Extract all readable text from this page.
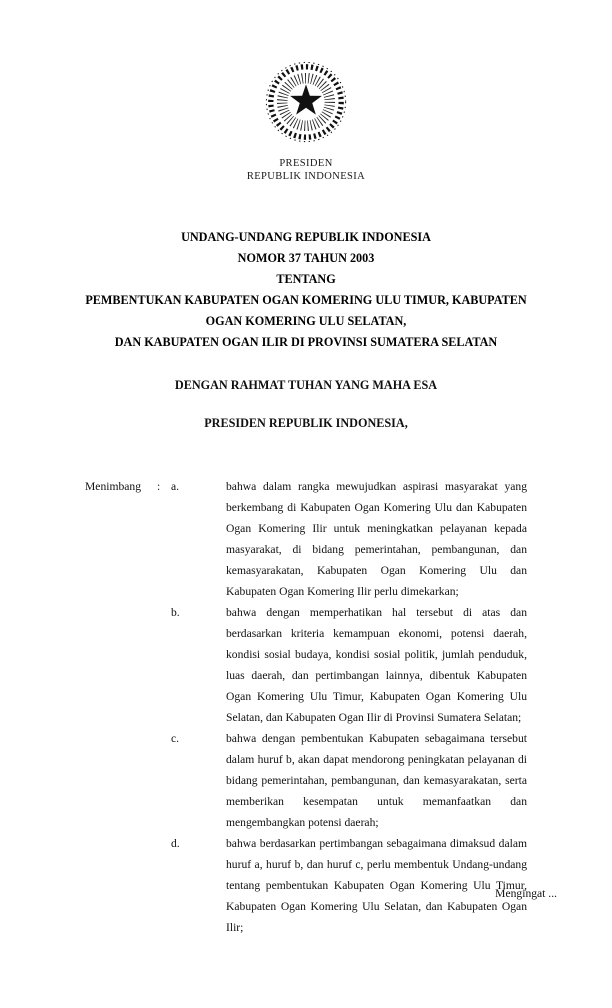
PRESIDEN
REPUBLIK INDONESIA
UNDANG-UNDANG REPUBLIK INDONESIA
NOMOR 37 TAHUN 2003
TENTANG
PEMBENTUKAN KABUPATEN OGAN KOMERING ULU TIMUR, KABUPATEN
OGAN KOMERING ULU SELATAN,
DAN KABUPATEN OGAN ILIR DI PROVINSI SUMATERA SELATAN
DENGAN RAHMAT TUHAN YANG MAHA ESA
PRESIDEN REPUBLIK INDONESIA,
Menimbang	: a.	bahwa dalam rangka mewujudkan aspirasi masyarakat yang berkembang di Kabupaten Ogan Komering Ulu dan Kabupaten Ogan Komering Ilir untuk meningkatkan pelayanan kepada masyarakat, di bidang pemerintahan, pembangunan, dan kemasyarakatan, Kabupaten Ogan Komering Ulu dan Kabupaten Ogan Komering Ilir perlu dimekarkan;
b.	bahwa dengan memperhatikan hal tersebut di atas dan berdasarkan kriteria kemampuan ekonomi, potensi daerah, kondisi sosial budaya, kondisi sosial politik, jumlah penduduk, luas daerah, dan pertimbangan lainnya, dibentuk Kabupaten Ogan Komering Ulu Timur, Kabupaten Ogan Komering Ulu Selatan, dan Kabupaten Ogan Ilir di Provinsi Sumatera Selatan;
c.	bahwa dengan pembentukan Kabupaten sebagaimana tersebut dalam huruf b, akan dapat mendorong peningkatan pelayanan di bidang pemerintahan, pembangunan, dan kemasyarakatan, serta memberikan kesempatan untuk memanfaatkan dan mengembangkan potensi daerah;
d.	bahwa berdasarkan pertimbangan sebagaimana dimaksud dalam huruf a, huruf b, dan huruf c, perlu membentuk Undang-undang tentang pembentukan Kabupaten Ogan Komering Ulu Timur, Kabupaten Ogan Komering Ulu Selatan, dan Kabupaten Ogan Ilir;
Mengingat ...
